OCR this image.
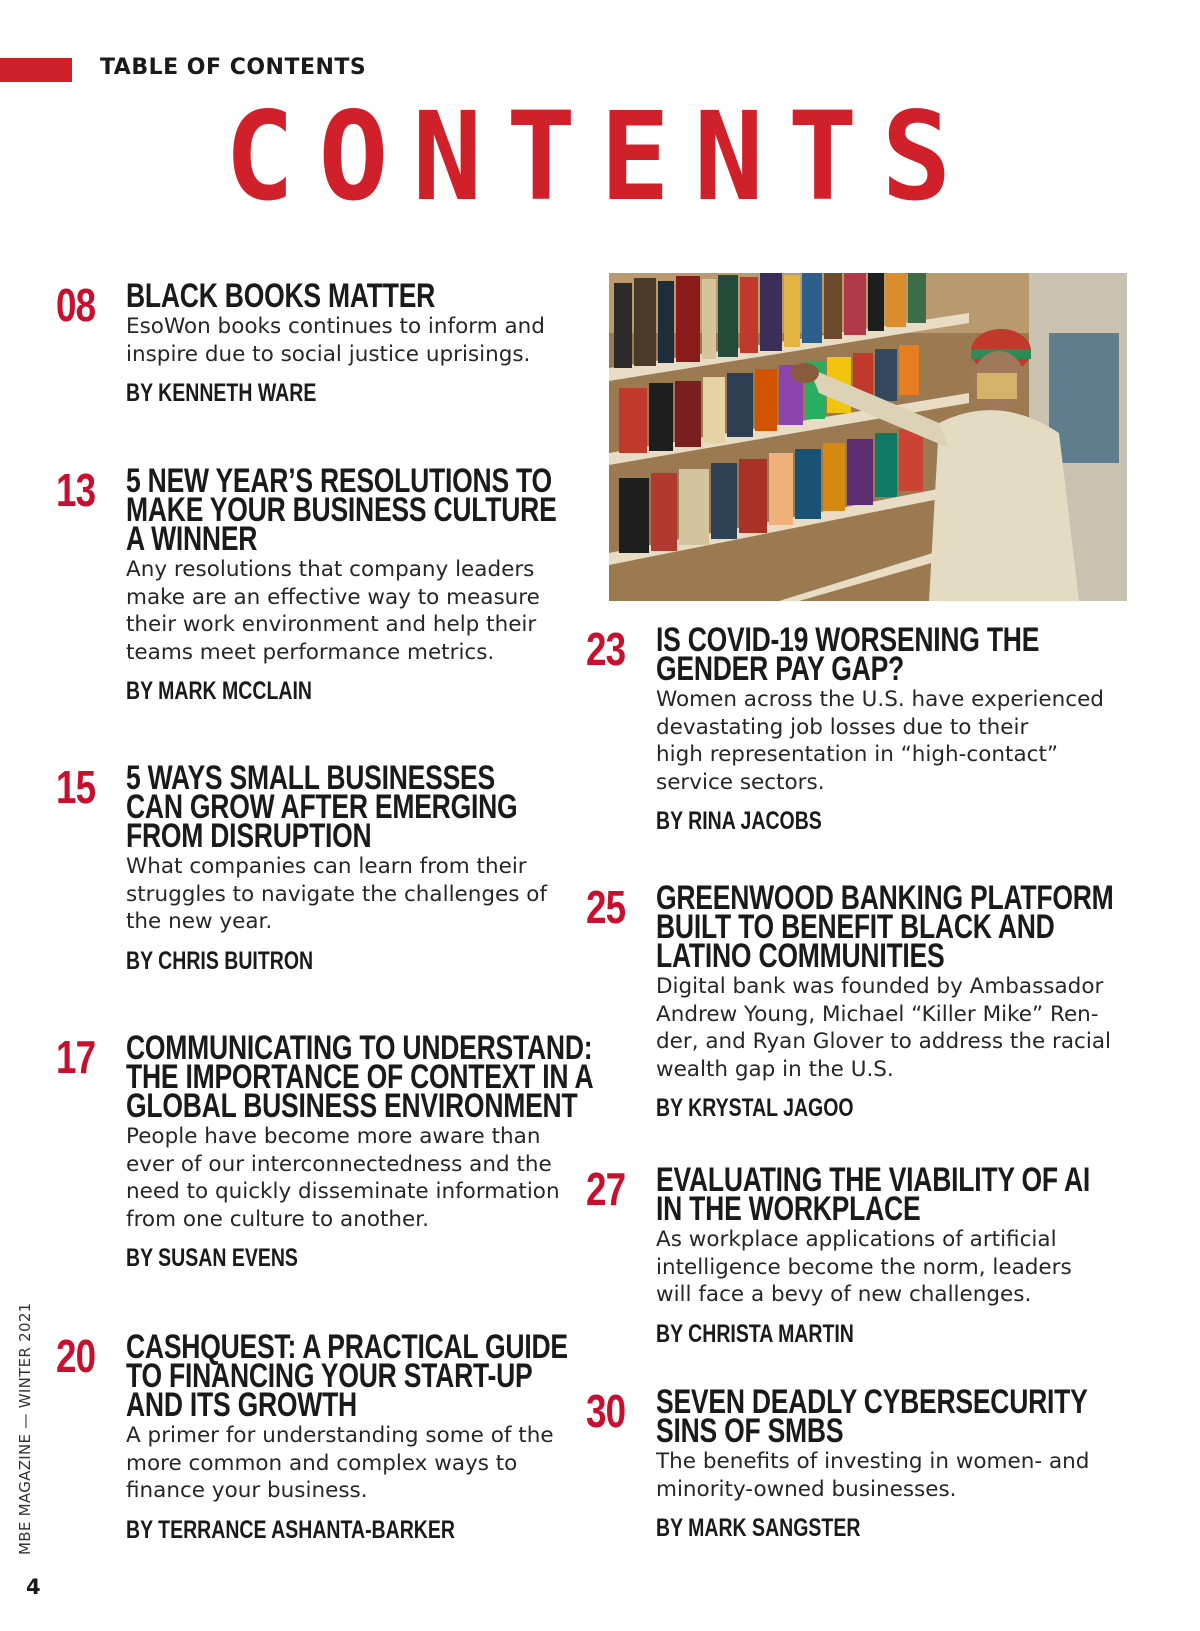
TABLE OF CONTENTS
CONTENTS
08 BLACK BOOKS MATTER
EsoWon books continues to inform and
inspire due to social justice uprisings.
BY KENNETH WARE
13 5 NEW YEAR’S RESOLUTIONS TO
MAKE YOUR BUSINESS CULTURE
A WINNER
Any resolutions that company leaders
make are an effective way to measure
their work environment and help their
teams meet performance metrics.
BY MARK MCCLAIN
15 5 WAYS SMALL BUSINESSES
CAN GROW AFTER EMERGING
FROM DISRUPTION
What companies can learn from their
struggles to navigate the challenges of
the new year.
BY CHRIS BUITRON
17 COMMUNICATING TO UNDERSTAND:
THE IMPORTANCE OF CONTEXT IN A
GLOBAL BUSINESS ENVIRONMENT
People have become more aware than
ever of our interconnectedness and the
need to quickly disseminate information
from one culture to another.
BY SUSAN EVENS
20 CASHQUEST: A PRACTICAL GUIDE
TO FINANCING YOUR START-UP
AND ITS GROWTH
A primer for understanding some of the
more common and complex ways to
finance your business.
BY TERRANCE ASHANTA-BARKER
23 IS COVID-19 WORSENING THE
GENDER PAY GAP?
Women across the U.S. have experienced
devastating job losses due to their
high representation in “high-contact”
service sectors.
BY RINA JACOBS
25 GREENWOOD BANKING PLATFORM
BUILT TO BENEFIT BLACK AND
LATINO COMMUNITIES
Digital bank was founded by Ambassador
Andrew Young, Michael “Killer Mike” Ren-
der, and Ryan Glover to address the racial
wealth gap in the U.S.
BY KRYSTAL JAGOO
27 EVALUATING THE VIABILITY OF AI
IN THE WORKPLACE
As workplace applications of artificial
intelligence become the norm, leaders
will face a bevy of new challenges.
BY CHRISTA MARTIN
30 SEVEN DEADLY CYBERSECURITY
SINS OF SMBS
The benefits of investing in women- and
minority-owned businesses.
BY MARK SANGSTER
MBE MAGAZINE — WINTER 2021
4
